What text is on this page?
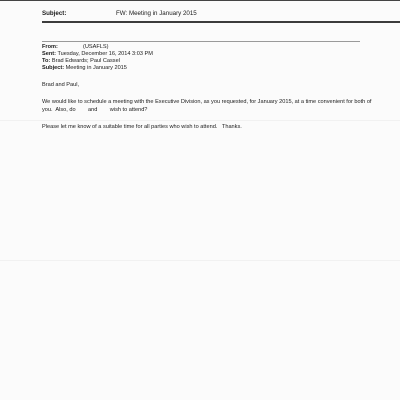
Subject:	FW: Meeting in January 2015
From:	(USAFLS)
Sent: Tuesday, December 16, 2014 3:03 PM
To: Brad Edwards; Paul Cassel
Subject: Meeting in January 2015

Brad and Paul,

We would like to schedule a meeting with the Executive Division, as you requested, for January 2015, at a time convenient for both of you.  Also, do        and        wish to attend?

Please let me know of a suitable time for all parties who wish to attend.   Thanks.
